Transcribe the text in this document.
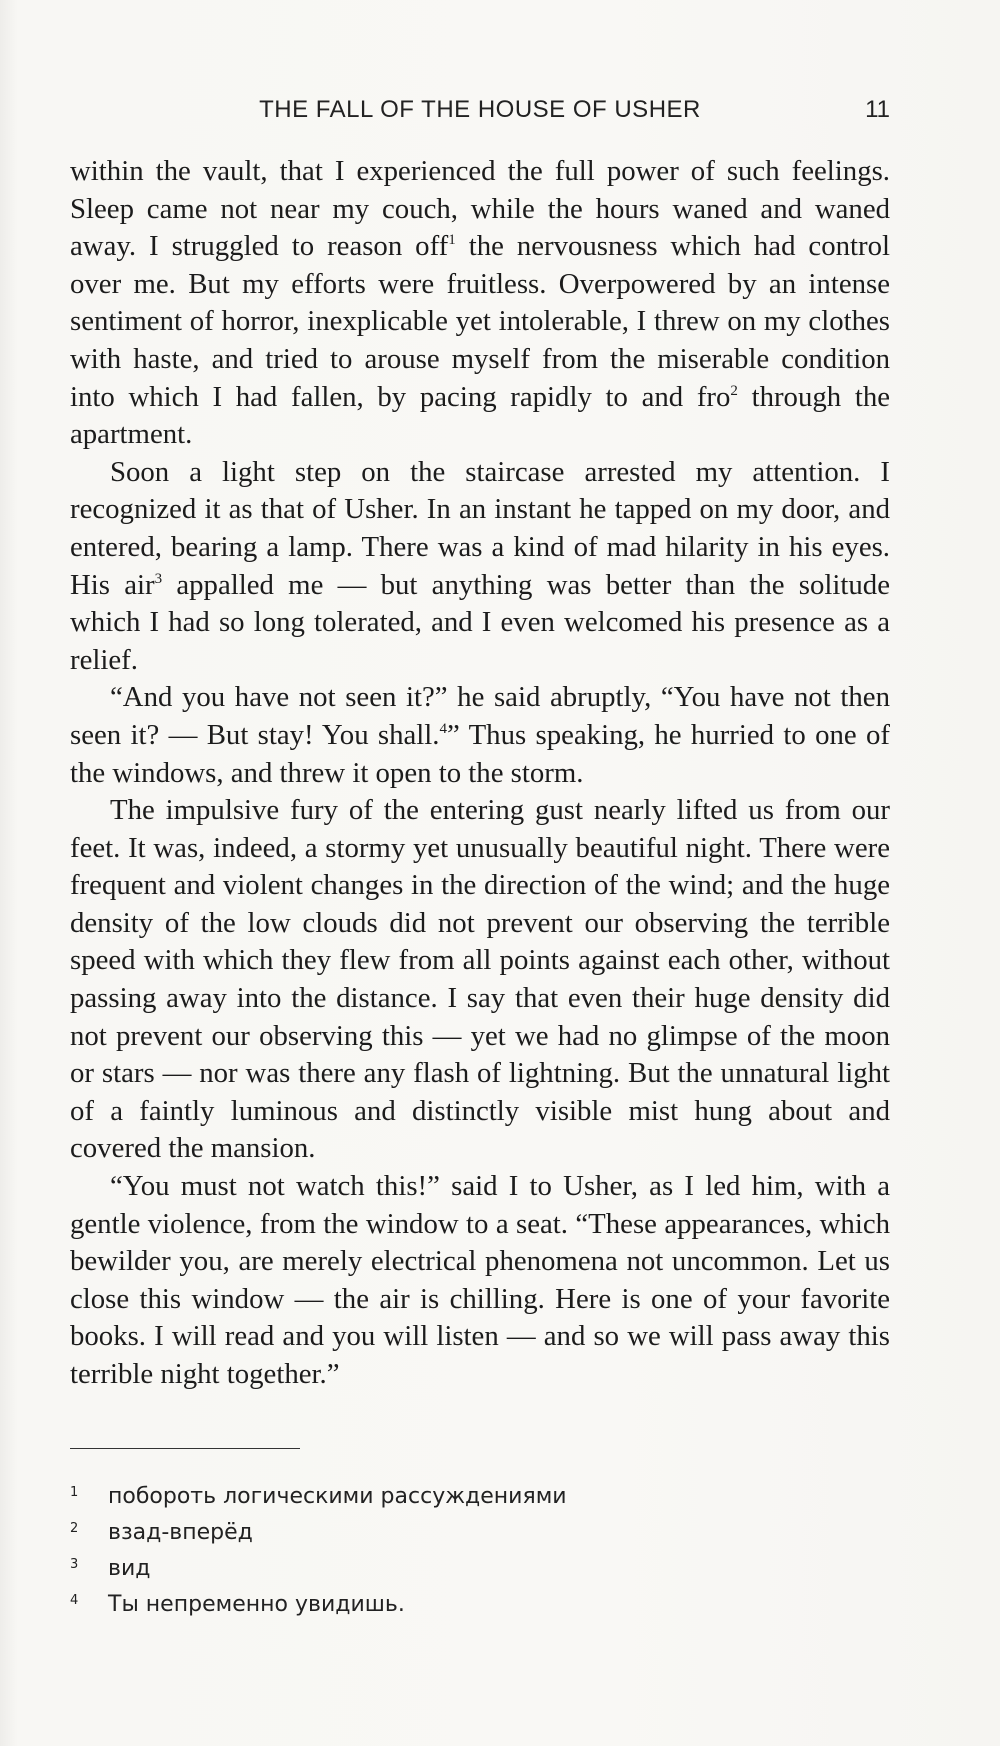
THE FALL OF THE HOUSE OF USHER	11

within the vault, that I experienced the full power of such feelings. Sleep came not near my couch, while the hours waned and waned away. I struggled to reason off$^1$ the nervousness which had control over me. But my efforts were fruitless. Overpowered by an intense sentiment of horror, inexplicable yet intolerable, I threw on my clothes with haste, and tried to arouse myself from the miserable condition into which I had fallen, by pacing rapidly to and fro$^2$ through the apartment.

Soon a light step on the staircase arrested my attention. I recognized it as that of Usher. In an instant he tapped on my door, and entered, bearing a lamp. There was a kind of mad hilarity in his eyes. His air$^3$ appalled me — but anything was better than the solitude which I had so long tolerated, and I even welcomed his presence as a relief.

“And you have not seen it?” he said abruptly, “You have not then seen it? — But stay! You shall.$^4$” Thus speaking, he hurried to one of the windows, and threw it open to the storm.

The impulsive fury of the entering gust nearly lifted us from our feet. It was, indeed, a stormy yet unusually beautiful night. There were frequent and violent changes in the direction of the wind; and the huge density of the low clouds did not prevent our observing the terrible speed with which they flew from all points against each other, without passing away into the distance. I say that even their huge density did not prevent our observing this — yet we had no glimpse of the moon or stars — nor was there any flash of lightning. But the unnatural light of a faintly luminous and distinctly visible mist hung about and covered the mansion.

“You must not watch this!” said I to Usher, as I led him, with a gentle violence, from the window to a seat. “These appearances, which bewilder you, are merely electrical phenomena not uncommon. Let us close this window — the air is chilling. Here is one of your favorite books. I will read and you will listen — and so we will pass away this terrible night together.”

1 побороть логическими рассуждениями
2 взад-вперёд
3 вид
4 Ты непременно увидишь.
